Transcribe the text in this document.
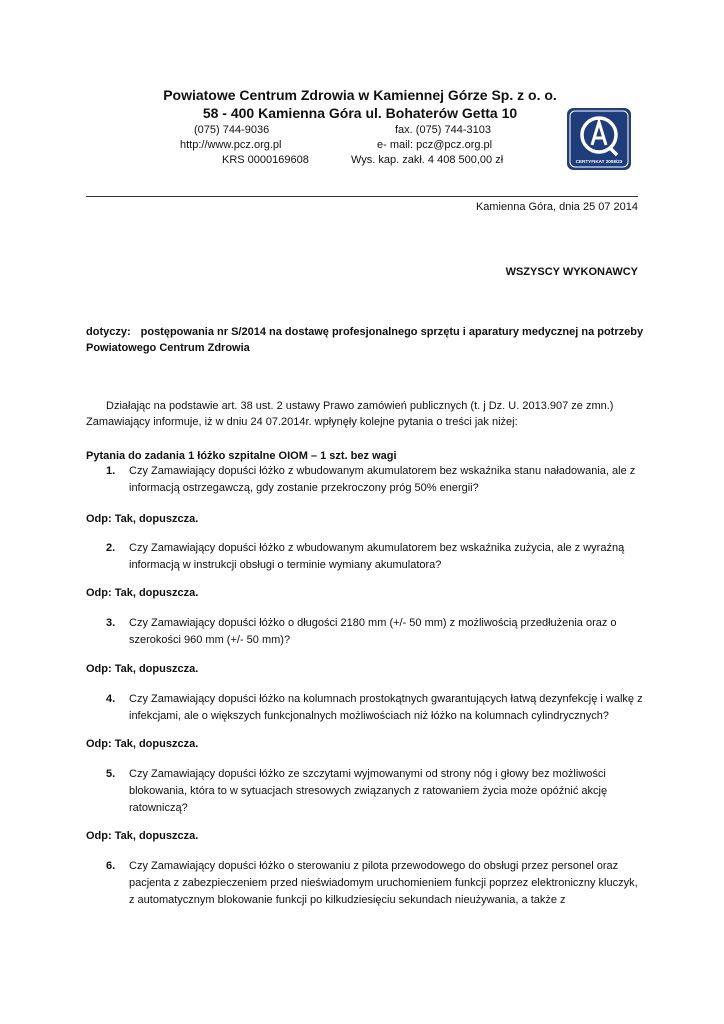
Powiatowe Centrum Zdrowia w Kamiennej Górze Sp. z o. o.
58 - 400 Kamienna Góra ul. Bohaterów Getta 10
(075) 744-9036	fax. (075) 744-3103
http://www.pcz.org.pl	e- mail: pcz@pcz.org.pl
KRS 0000169608	Wys. kap. zakł. 4 408 500,00 zł	CERTYFIKAT 2008/23
Kamienna Góra, dnia 25 07 2014
WSZYSCY WYKONAWCY
dotyczy: postępowania nr S/2014 na dostawę profesjonalnego sprzętu i aparatury medycznej na potrzeby Powiatowego Centrum Zdrowia
Działając na podstawie art. 38 ust. 2 ustawy Prawo zamówień publicznych (t. j Dz. U. 2013.907 ze zmn.) Zamawiający informuje, iż w dniu 24 07.2014r. wpłynęły kolejne pytania o treści jak niżej:
Pytania do zadania 1 łóżko szpitalne OIOM – 1 szt. bez wagi
1. Czy Zamawiający dopuści łóżko z wbudowanym akumulatorem bez wskaźnika stanu naładowania, ale z informacją ostrzegawczą, gdy zostanie przekroczony próg 50% energii?
Odp: Tak, dopuszcza.
2. Czy Zamawiający dopuści łóżko z wbudowanym akumulatorem bez wskaźnika zużycia, ale z wyraźną informacją w instrukcji obsługi o terminie wymiany akumulatora?
Odp: Tak, dopuszcza.
3. Czy Zamawiający dopuści łóżko o długości 2180 mm (+/- 50 mm) z możliwością przedłużenia oraz o szerokości 960 mm (+/- 50 mm)?
Odp: Tak, dopuszcza.
4. Czy Zamawiający dopuści łóżko na kolumnach prostokątnych gwarantujących łatwą dezynfekcję i walkę z infekcjami, ale o większych funkcjonalnych możliwościach niż łóżko na kolumnach cylindrycznych?
Odp: Tak, dopuszcza.
5. Czy Zamawiający dopuści łóżko ze szczytami wyjmowanymi od strony nóg i głowy bez możliwości blokowania, która to w sytuacjach stresowych związanych z ratowaniem życia może opóźnić akcję ratowniczą?
Odp: Tak, dopuszcza.
6. Czy Zamawiający dopuści łóżko o sterowaniu z pilota przewodowego do obsługi przez personel oraz pacjenta z zabezpieczeniem przed nieświadomym uruchomieniem funkcji poprzez elektroniczny kluczyk, z automatycznym blokowanie funkcji po kilkudziesięciu sekundach nieużywania, a także z
